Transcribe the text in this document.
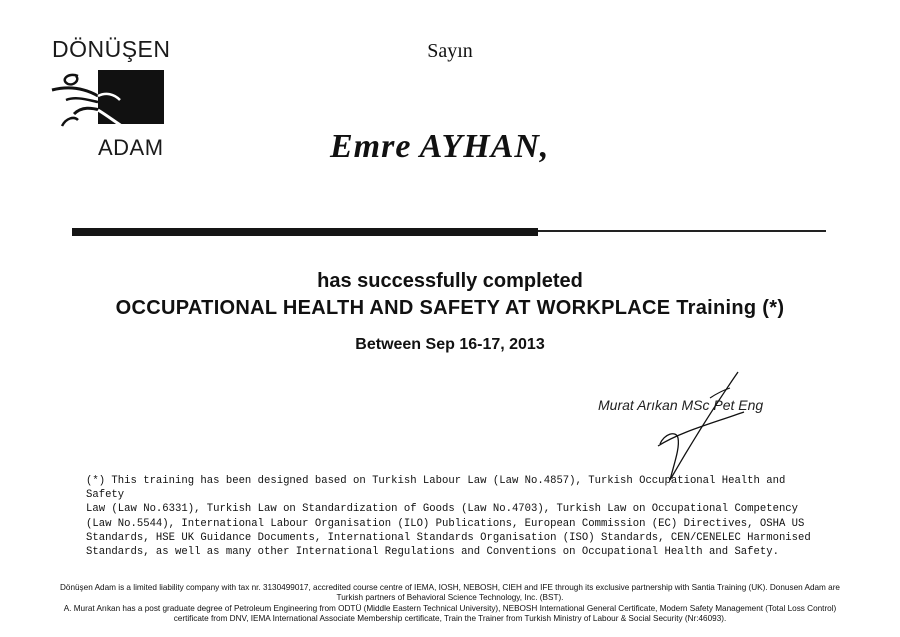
DÖNÜŞEN
ADAM
Sayın
Emre AYHAN,
has successfully completed
OCCUPATIONAL HEALTH AND SAFETY AT WORKPLACE Training (*)
Between Sep 16-17, 2013
Murat Arıkan MSc Pet Eng
(*) This training has been designed based on Turkish Labour Law (Law No.4857), Turkish Occupational Health and Safety
Law (Law No.6331), Turkish Law on Standardization of Goods (Law No.4703), Turkish Law on Occupational Competency
(Law No.5544), International Labour Organisation (ILO) Publications, European Commission (EC) Directives, OSHA US
Standards, HSE UK Guidance Documents, International Standards Organisation (ISO) Standards, CEN/CENELEC Harmonised
Standards, as well as many other International Regulations and Conventions on Occupational Health and Safety.
Dönüşen Adam is a limited liability company with tax nr. 3130499017, accredited course centre of IEMA, IOSH, NEBOSH, CIEH and IFE through its exclusive partnership with Santia Training (UK). Donusen Adam are
Turkish partners of Behavioral Science Technology, Inc. (BST).
A. Murat Arıkan has a post graduate degree of Petroleum Engineering from ODTÜ (Middle Eastern Technical University), NEBOSH International General Certificate, Modern Safety Management (Total Loss Control)
certificate from DNV, IEMA International Associate Membership certificate, Train the Trainer from Turkish Ministry of Labour & Social Security (Nr:46093).
